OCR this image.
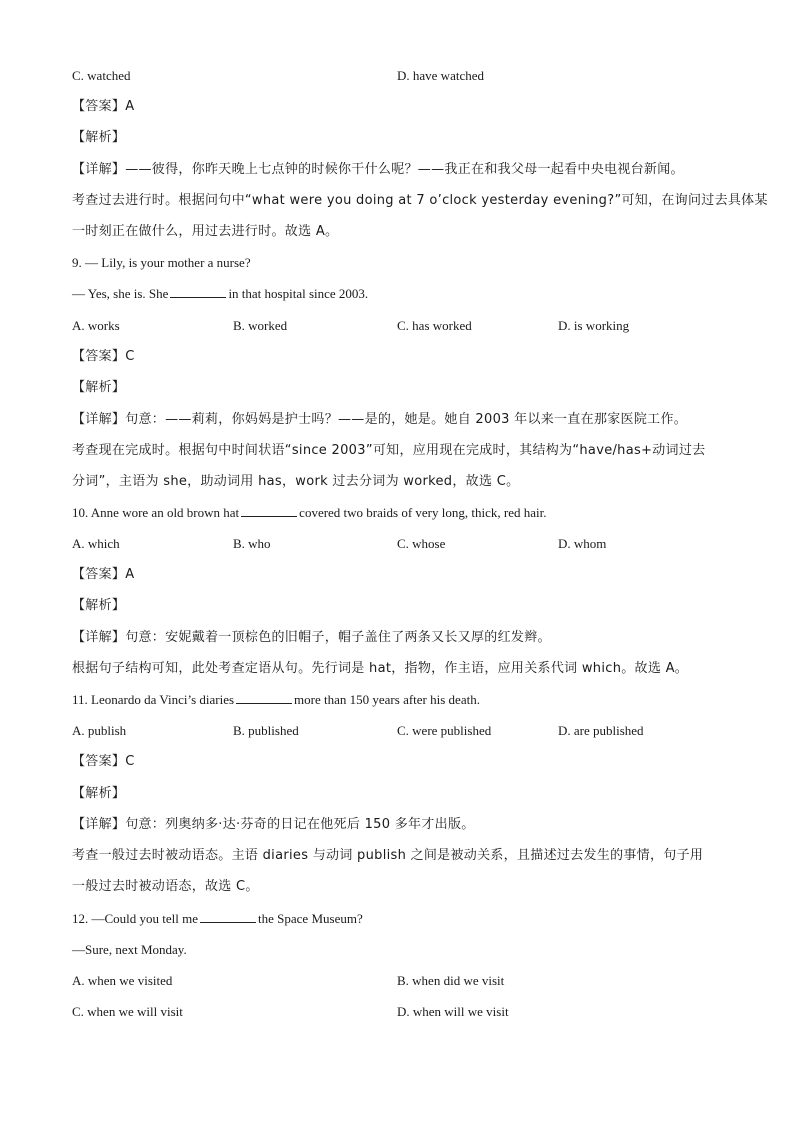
C. watched	D. have watched
【答案】A
【解析】
【详解】——彼得，你昨天晚上七点钟的时候你干什么呢？——我正在和我父母一起看中央电视台新闻。
考查过去进行时。根据问句中“what were you doing at 7 o’clock yesterday evening?”可知，在询问过去具体某
一时刻正在做什么，用过去进行时。故选 A。
9. — Lily, is your mother a nurse?
— Yes, she is. She	in that hospital since 2003.
A. works	B. worked	C. has worked	D. is working
【答案】C
【解析】
【详解】句意：——莉莉，你妈妈是护士吗？——是的，她是。她自 2003 年以来一直在那家医院工作。
考查现在完成时。根据句中时间状语“since 2003”可知，应用现在完成时，其结构为“have/has+动词过去
分词”，主语为 she，助动词用 has，work 过去分词为 worked，故选 C。
10. Anne wore an old brown hat	covered two braids of very long, thick, red hair.
A. which	B. who	C. whose	D. whom
【答案】A
【解析】
【详解】句意：安妮戴着一顶棕色的旧帽子，帽子盖住了两条又长又厚的红发辫。
根据句子结构可知，此处考查定语从句。先行词是 hat，指物，作主语，应用关系代词 which。故选 A。
11. Leonardo da Vinci’s diaries	more than 150 years after his death.
A. publish	B. published	C. were published	D. are published
【答案】C
【解析】
【详解】句意：列奥纳多·达·芬奇的日记在他死后 150 多年才出版。
考查一般过去时被动语态。主语 diaries 与动词 publish 之间是被动关系，且描述过去发生的事情，句子用
一般过去时被动语态，故选 C。
12. —Could you tell me	the Space Museum?
—Sure, next Monday.
A. when we visited	B. when did we visit
C. when we will visit	D. when will we visit
